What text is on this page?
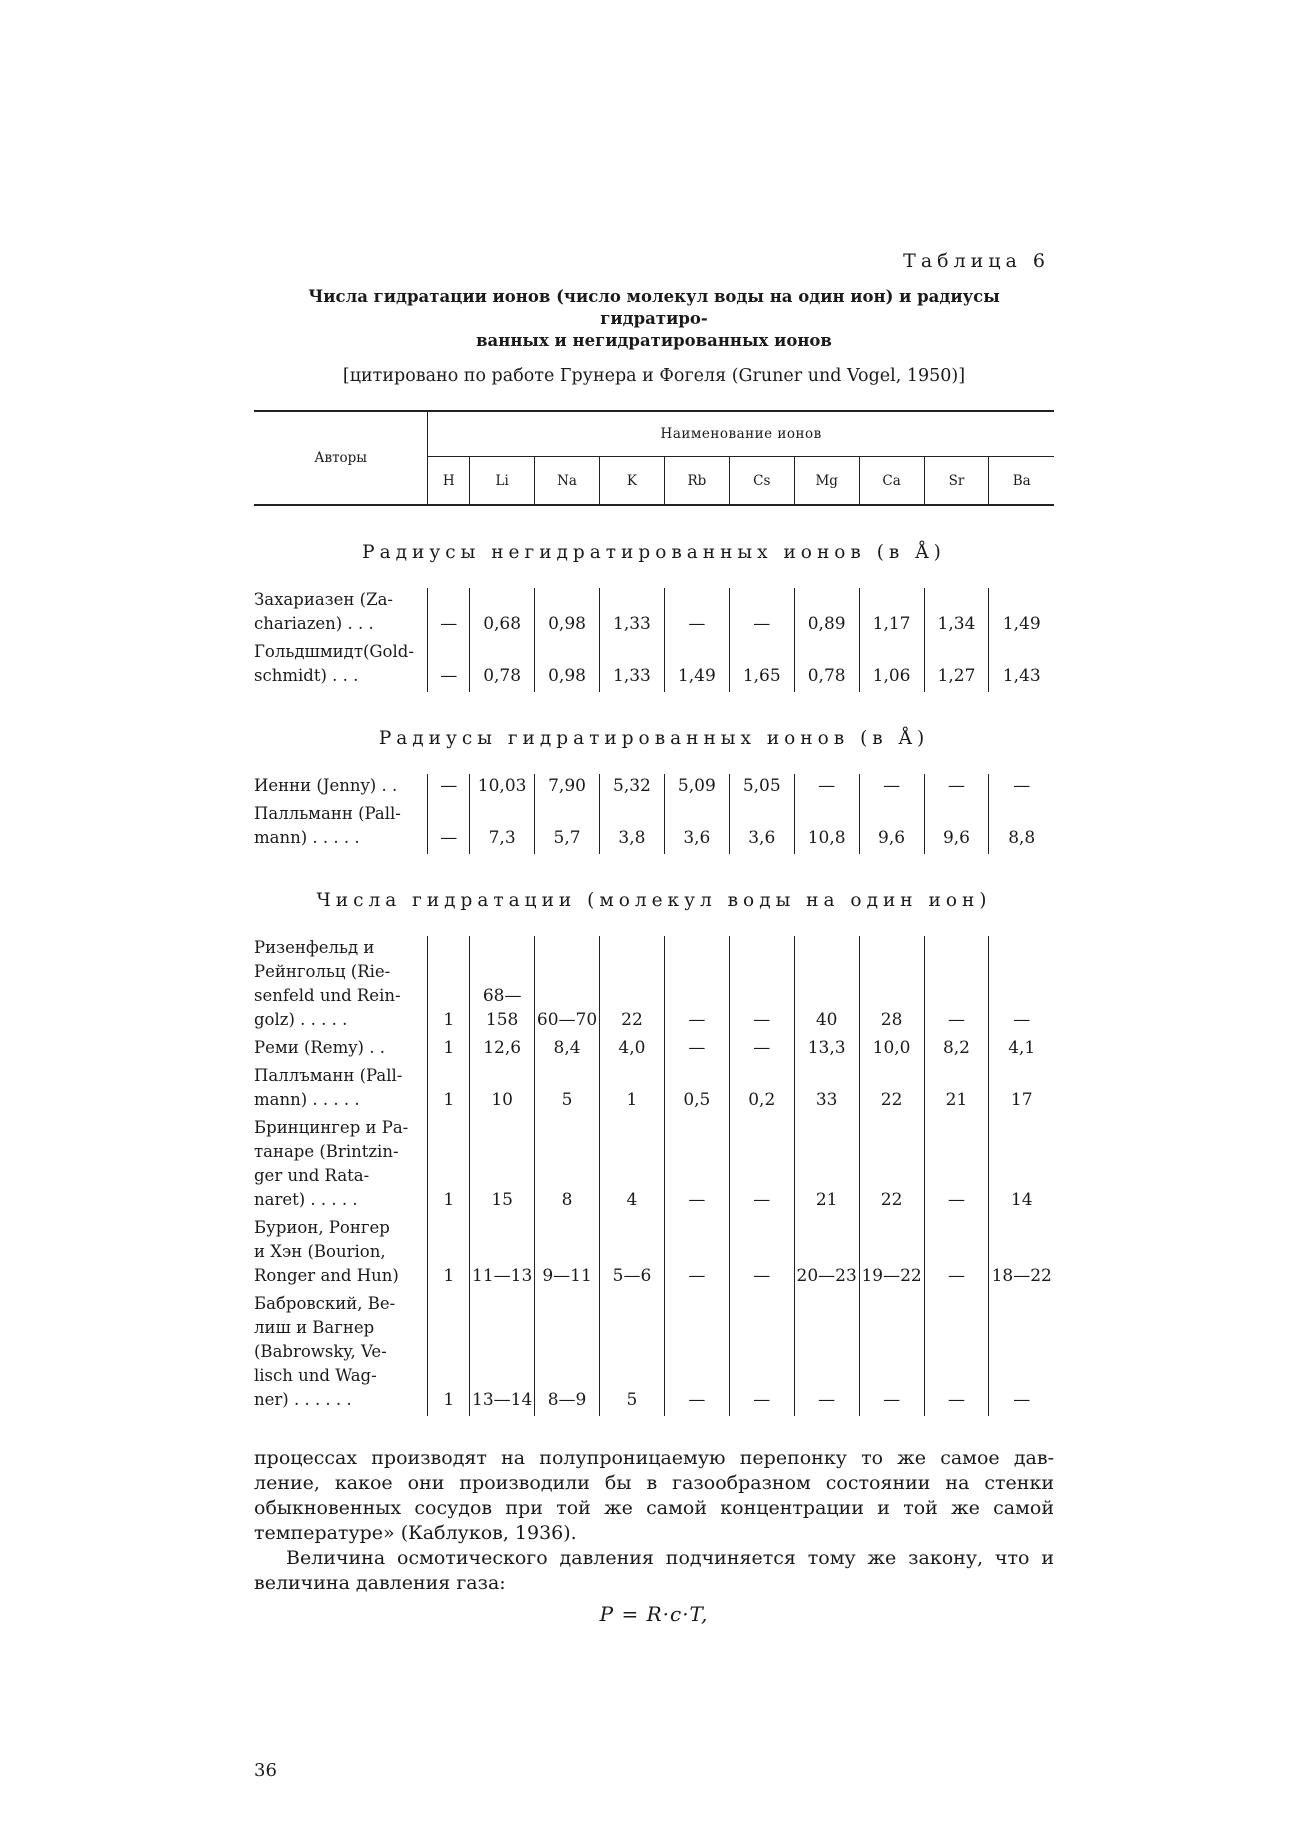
Таблица 6

Числа гидратации ионов (число молекул воды на один ион) и радиусы гидратиро-

ванных и негидратированных ионов

[цитировано по работе Грунера и Фогеля (Gruner und Vogel, 1950)]
Авторы	Наименование ионов									
	H	Li	Na	K	Rb	Cs	Mg	Ca	Sr	Ba
Радиусы негидратированных ионов (в Å)										

Захариазен (Za-
chariazen) . . .	—	0,68	0,98	1,33	—	—	0,89	1,17	1,34	1,49

Гольдшмидт(Gold-
schmidt) . . .	—	0,78	0,98	1,33	1,49	1,65	0,78	1,06	1,27	1,43
Радиусы гидратированных ионов (в Å)										

Иенни (Jenny) . .	—	10,03	7,90	5,32	5,09	5,05	—	—	—	—

Палльманн (Pall-
mann) . . . . .	—	7,3	5,7	3,8	3,6	3,6	10,8	9,6	9,6	8,8
Числа гидратации (молекул воды на один ион)										

Ризенфельд и
Рейнгольц (Rie-
senfeld und Rein-
golz) . . . . .	1	68—158	60—70	22	—	—	40	28	—	—

Реми (Remy) . .	1	12,6	8,4	4,0	—	—	13,3	10,0	8,2	4,1

Паллъманн (Pall-
mann) . . . . .	1	10	5	1	0,5	0,2	33	22	21	17

Бринцингер и Ра-
танаре (Brintzin-
ger und Rata-
naret) . . . . .	1	15	8	4	—	—	21	22	—	14

Бурион, Ронгер
и Хэн (Bourion,
Ronger and Hun)	1	11—13	9—11	5—6	—	—	20—23	19—22	—	18—22

Бабровский, Ве-
лиш и Вагнер
(Babrowsky, Ve-
lisch und Wag-
ner) . . . . . .	1	13—14	8—9	5	—	—	—	—	—	—

процессах производят на полупроницаемую перепонку то же самое дав-ление, какое они производили бы в газообразном состоянии на стенки обыкновенных сосудов при той же самой концентрации и той же самой температуре» (Каблуков, 1936).

Величина осмотического давления подчиняется тому же закону, что и величина давления газа:

P = R·c·T,
36
